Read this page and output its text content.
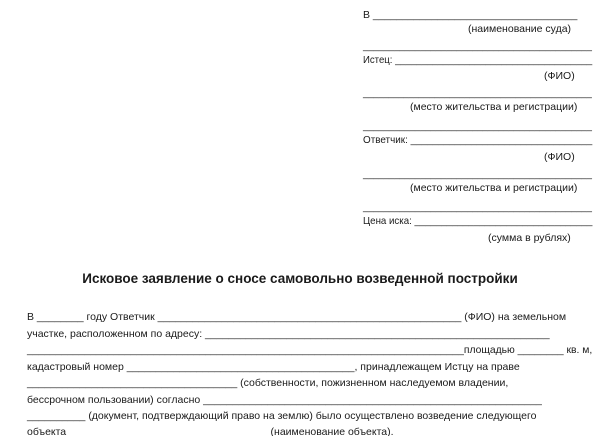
В ___________________________________
(наименование суда)
____________________________________________
Истец: _____________________________________
(ФИО)
_____________________________________________
(место жительства и регистрации)
____________________________________________
Ответчик: _________________________________
(ФИО)
____________________________________________
(место жительства и регистрации)
____________________________________________
Цена иска: _________________________________
(сумма в рублях)
Исковое заявление о сносе самовольно возведенной постройки
В ________ году Ответчик ____________________________________________________ (ФИО) на земельном
участке, расположенном по адресу: ___________________________________________________________
____________________________________________________________________________площадью ________ кв. м,
кадастровый номер _______________________________________, принадлежащем Истцу на праве
____________________________________ (собственности, пожизненном наследуемом владении,
бессрочном пользовании) согласно __________________________________________________________
__________ (документ, подтверждающий право на землю) было осуществлено возведение следующего
объекта __________________________________ (наименование объекта).
